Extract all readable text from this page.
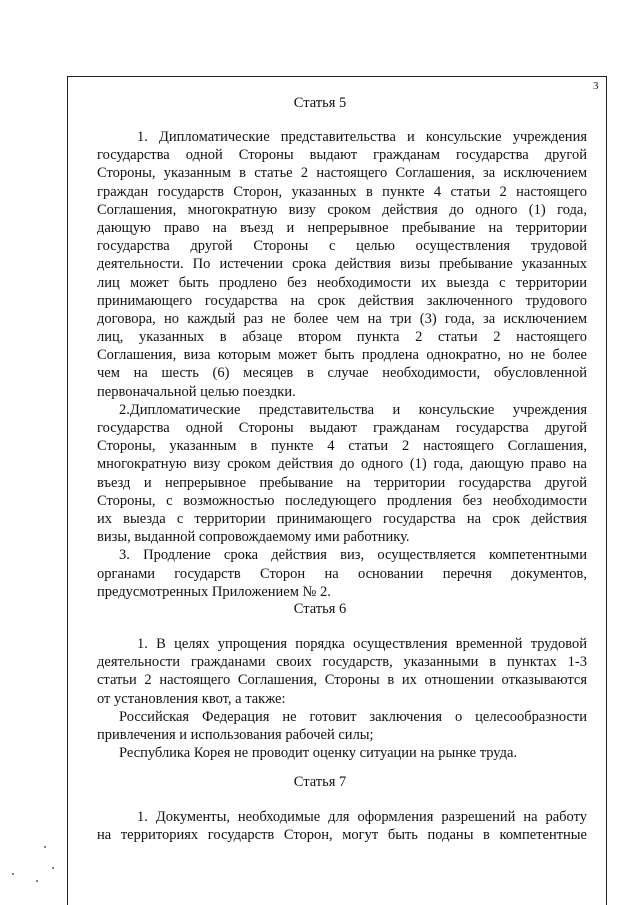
3
Статья 5
1. Дипломатические представительства и консульские учреждения
государства одной Стороны выдают гражданам государства другой
Стороны, указанным в статье 2 настоящего Соглашения, за исключением
граждан государств Сторон, указанных в пункте 4 статьи 2 настоящего
Соглашения, многократную визу сроком действия до одного (1) года,
дающую право на въезд и непрерывное пребывание на территории
государства другой Стороны с целью осуществления трудовой
деятельности. По истечении срока действия визы пребывание указанных
лиц может быть продлено без необходимости их выезда с территории
принимающего государства на срок действия заключенного трудового
договора, но каждый раз не более чем на три (3) года, за исключением
лиц, указанных в абзаце втором пункта 2 статьи 2 настоящего
Соглашения, виза которым может быть продлена однократно, но не более
чем на шесть (6) месяцев в случае необходимости, обусловленной
первоначальной целью поездки.
2.Дипломатические представительства и консульские учреждения
государства одной Стороны выдают гражданам государства другой
Стороны, указанным в пункте 4 статьи 2 настоящего Соглашения,
многократную визу сроком действия до одного (1) года, дающую право на
въезд и непрерывное пребывание на территории государства другой
Стороны, с возможностью последующего продления без необходимости
их выезда с территории принимающего государства на срок действия
визы, выданной сопровождаемому ими работнику.
3. Продление срока действия виз, осуществляется компетентными
органами государств Сторон на основании перечня документов,
предусмотренных Приложением № 2.
Статья 6
1. В целях упрощения порядка осуществления временной трудовой
деятельности гражданами своих государств, указанными в пунктах 1-3
статьи 2 настоящего Соглашения, Стороны в их отношении отказываются
от установления квот, а также:
Российская Федерация не готовит заключения о целесообразности
привлечения и использования рабочей силы;
Республика Корея не проводит оценку ситуации на рынке труда.
Статья 7
1. Документы, необходимые для оформления разрешений на работу
на территориях государств Сторон, могут быть поданы в компетентные
